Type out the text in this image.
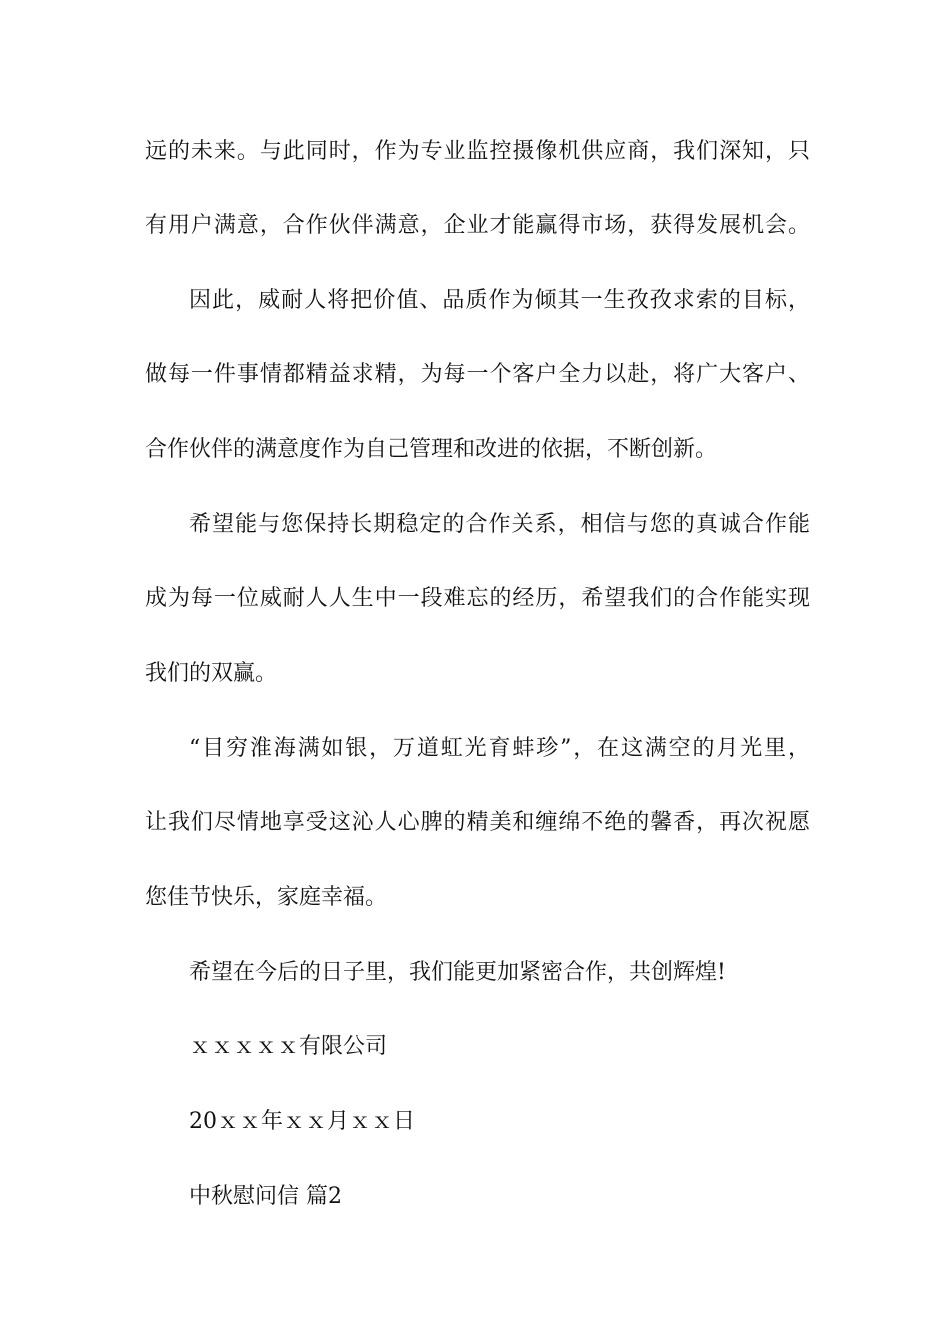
远的未来。与此同时，作为专业监控摄像机供应商，我们深知，只
有用户满意，合作伙伴满意，企业才能赢得市场，获得发展机会。
因此，威耐人将把价值、品质作为倾其一生孜孜求索的目标，
做每一件事情都精益求精，为每一个客户全力以赴，将广大客户、
合作伙伴的满意度作为自己管理和改进的依据，不断创新。
希望能与您保持长期稳定的合作关系，相信与您的真诚合作能
成为每一位威耐人人生中一段难忘的经历，希望我们的合作能实现
我们的双赢。
“目穷淮海满如银，万道虹光育蚌珍”，在这满空的月光里，
让我们尽情地享受这沁人心脾的精美和缠绵不绝的馨香，再次祝愿
您佳节快乐，家庭幸福。
希望在今后的日子里，我们能更加紧密合作，共创辉煌!
ｘｘｘｘｘ有限公司
20ｘｘ年ｘｘ月ｘｘ日
中秋慰问信 篇2
